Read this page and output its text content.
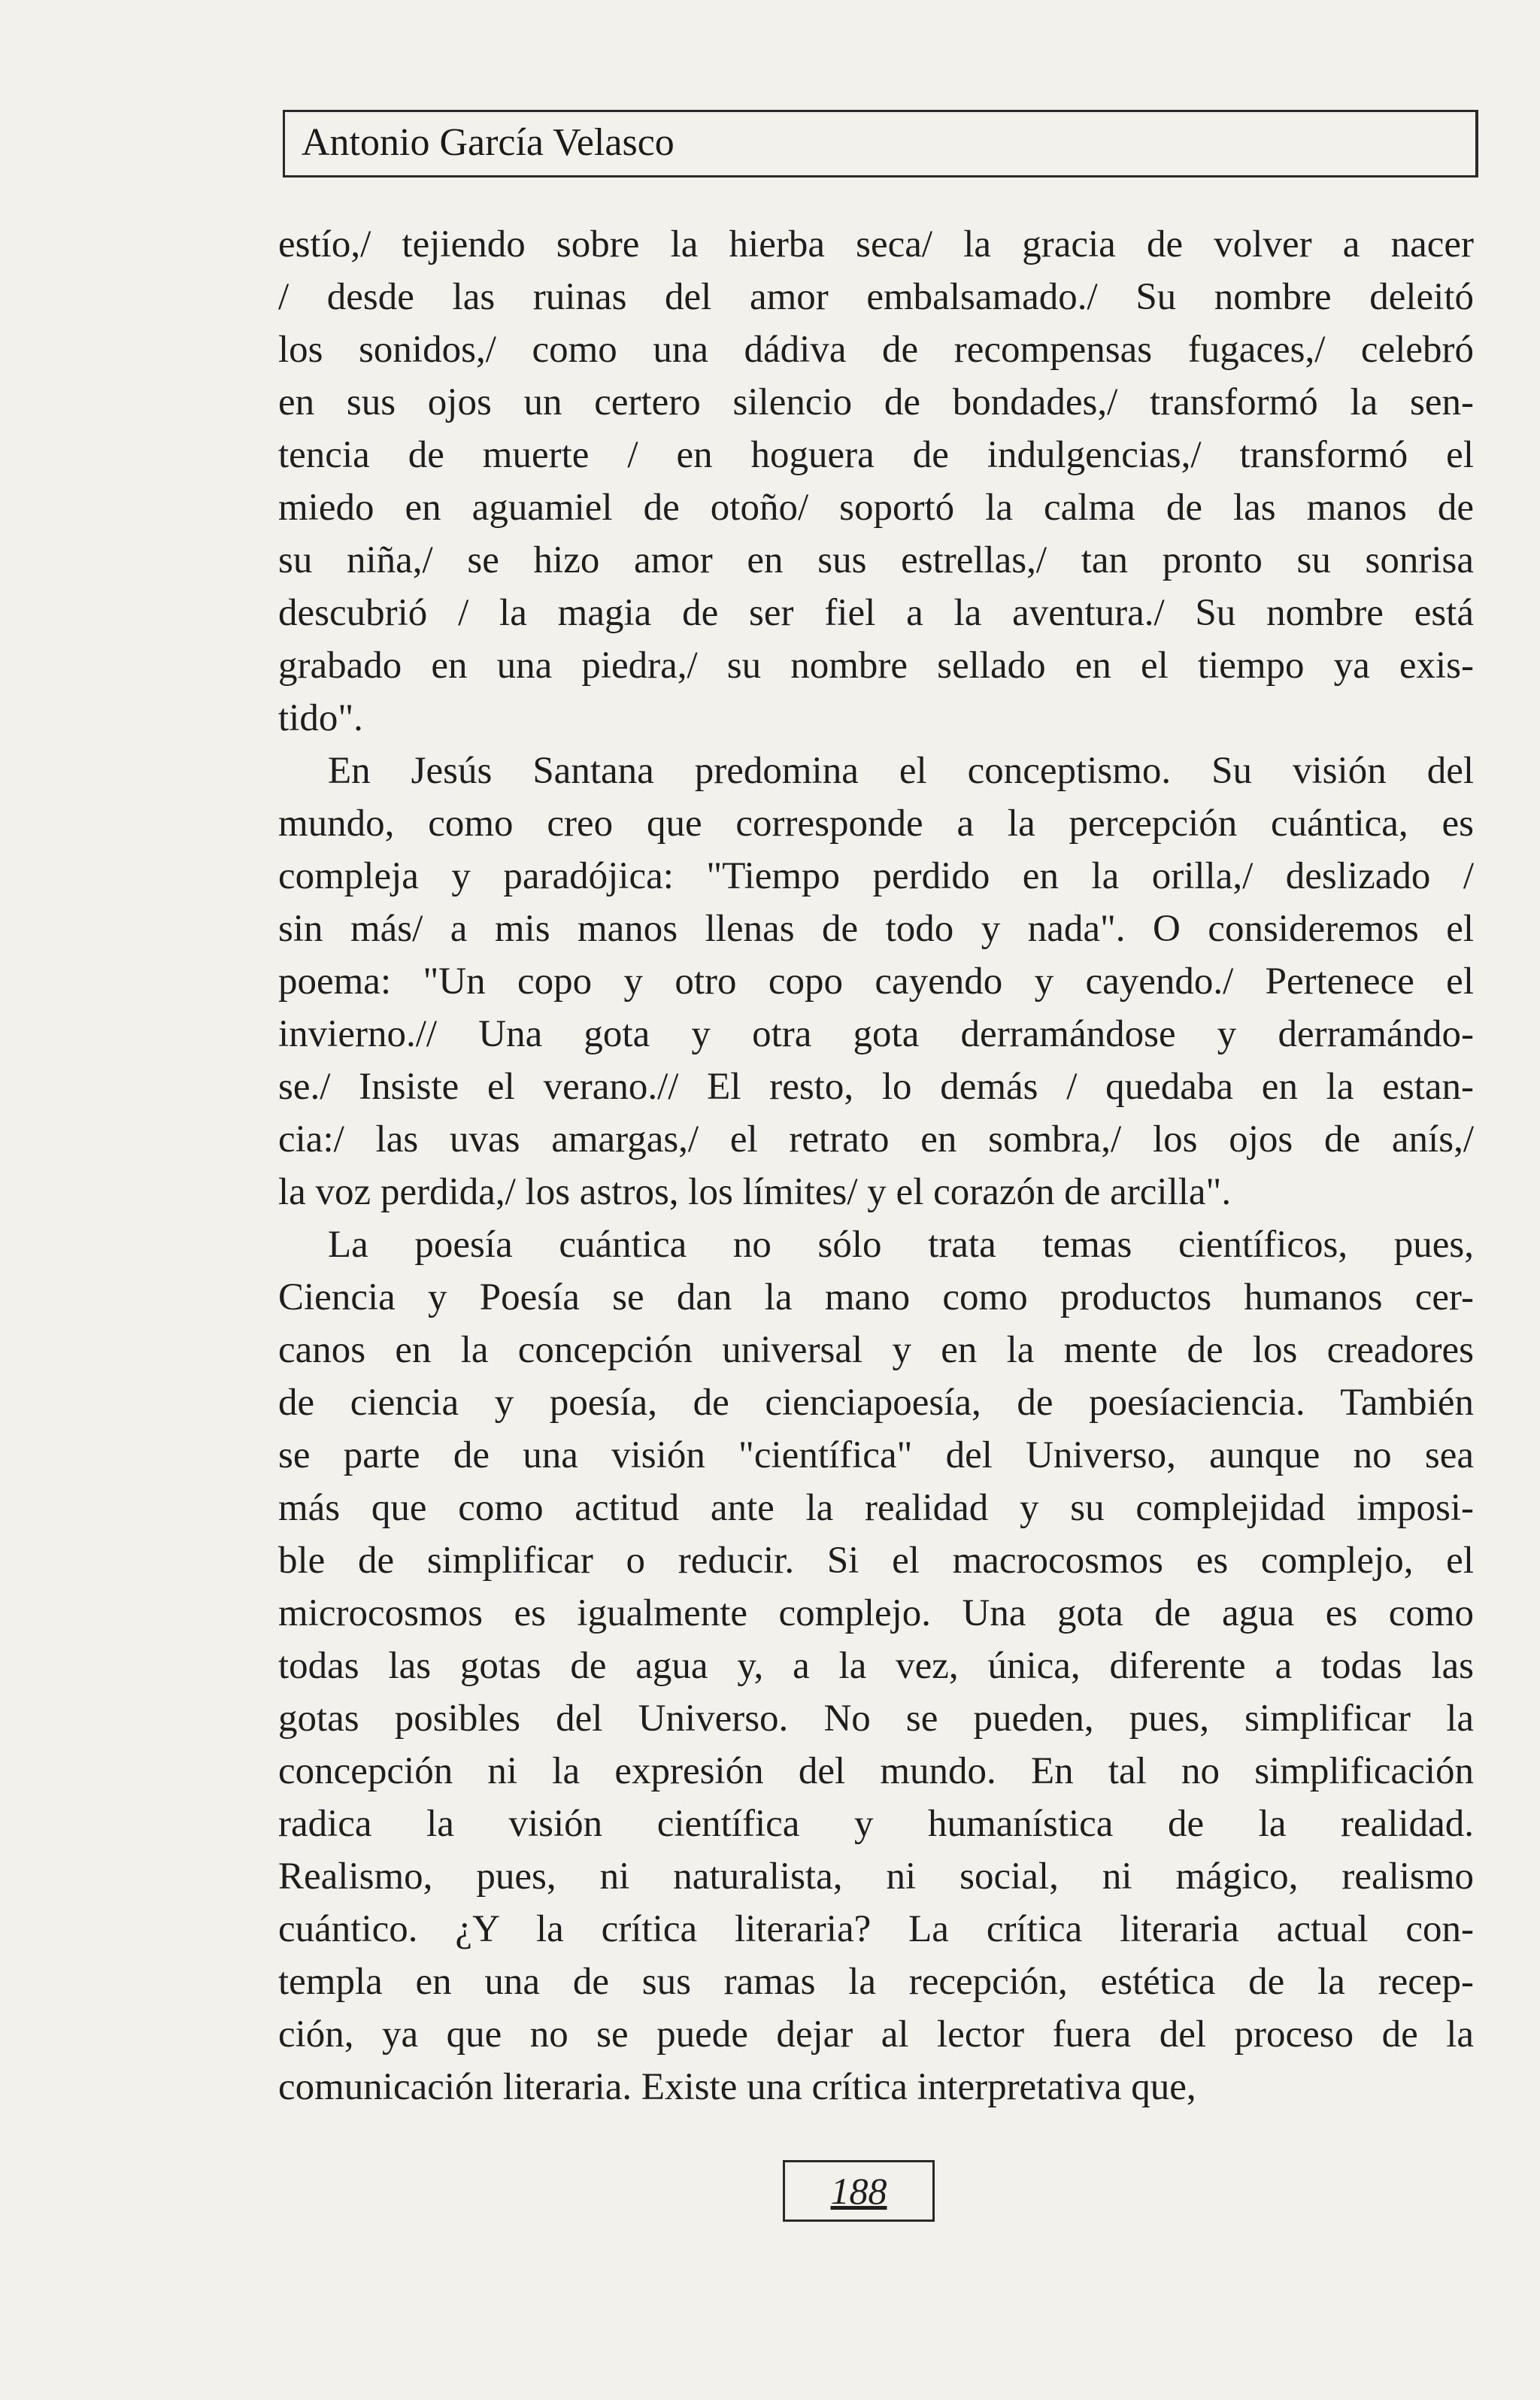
Antonio García Velasco
estío,/ tejiendo sobre la hierba seca/ la gracia de volver a nacer
/ desde las ruinas del amor embalsamado./ Su nombre deleitó
los sonidos,/ como una dádiva de recompensas fugaces,/ celebró
en sus ojos un certero silencio de bondades,/ transformó la sen-
tencia de muerte / en hoguera de indulgencias,/ transformó el
miedo en aguamiel de otoño/ soportó la calma de las manos de
su niña,/ se hizo amor en sus estrellas,/ tan pronto su sonrisa
descubrió / la magia de ser fiel a la aventura./ Su nombre está
grabado en una piedra,/ su nombre sellado en el tiempo ya exis-
tido".
En Jesús Santana predomina el conceptismo. Su visión del
mundo, como creo que corresponde a la percepción cuántica, es
compleja y paradójica: "Tiempo perdido en la orilla,/ deslizado /
sin más/ a mis manos llenas de todo y nada". O consideremos el
poema: "Un copo y otro copo cayendo y cayendo./ Pertenece el
invierno.// Una gota y otra gota derramándose y derramándo-
se./ Insiste el verano.// El resto, lo demás / quedaba en la estan-
cia:/ las uvas amargas,/ el retrato en sombra,/ los ojos de anís,/
la voz perdida,/ los astros, los límites/ y el corazón de arcilla".
La poesía cuántica no sólo trata temas científicos, pues,
Ciencia y Poesía se dan la mano como productos humanos cer-
canos en la concepción universal y en la mente de los creadores
de ciencia y poesía, de cienciapoesía, de poesíaciencia. También
se parte de una visión "científica" del Universo, aunque no sea
más que como actitud ante la realidad y su complejidad imposi-
ble de simplificar o reducir. Si el macrocosmos es complejo, el
microcosmos es igualmente complejo. Una gota de agua es como
todas las gotas de agua y, a la vez, única, diferente a todas las
gotas posibles del Universo. No se pueden, pues, simplificar la
concepción ni la expresión del mundo. En tal no simplificación
radica la visión científica y humanística de la realidad.
Realismo, pues, ni naturalista, ni social, ni mágico, realismo
cuántico. ¿Y la crítica literaria? La crítica literaria actual con-
templa en una de sus ramas la recepción, estética de la recep-
ción, ya que no se puede dejar al lector fuera del proceso de la
comunicación literaria. Existe una crítica interpretativa que,
188
